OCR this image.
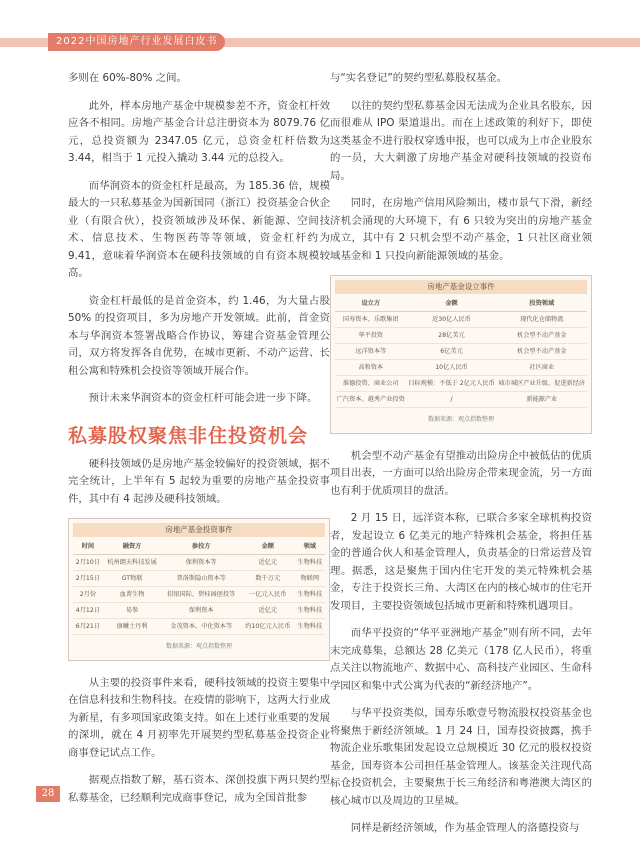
2022中国房地产行业发展白皮书

多则在 60%-80% 之间。

此外，样本房地产基金中规模参差不齐，资金杠杆效应各不相同。房地产基金合计总注册资本为 8079.76 亿元，总投资额为 2347.05 亿元，总资金杠杆倍数为 3.44，相当于 1 元投入撬动 3.44 元的总投入。

而华润资本的资金杠杆是最高，为 185.36 倍，规模最大的一只私募基金为国新国同（浙江）投资基金合伙企业（有限合伙），投资领域涉及环保、新能源、空间技术、信息技术、生物医药等等领域，资金杠杆约为 9.41，意味着华润资本在硬科技领域的自有资本规模较高。

资金杠杆最低的是首金资本，约 1.46，为大量占股 50% 的投资项目，多为房地产开发领域。此前，首金资本与华润资本签署战略合作协议，筹建合资基金管理公司，双方将发挥各自优势，在城市更新、不动产运营、长租公寓和特殊机会投资等领域开展合作。

预计未来华润资本的资金杠杆可能会进一步下降。

私募股权聚焦非住投资机会

硬科技领域仍是房地产基金较偏好的投资领域，据不完全统计，上半年有 5 起较为重要的房地产基金投资事件，其中有 4 起涉及硬科技领域。

房地产基金投资事件
时间	融资方	参投方	金额	领域
2月10日	杭州朗天科技发展	保利资本等	近亿元	生物科技
2月15日	GT物联	普洛斯隐山资本等	数千万元	物联网
2月份	血菁生物	招银国际、碧桂园创投等	一亿元人民币	生物科技
4月12日	易参	保利资本	近亿元	生物科技
6月21日	康曦士丹利	金茂资本、中化资本等	约10亿元人民币	生物科技
数据来源：观点指数整理

从主要的投资事件来看，硬科技领域的投资主要集中在信息科技和生物科技。在疫情的影响下，这两大行业成为新星，有多项国家政策支持。如在上述行业重要的发展的深圳，就在 4 月初率先开展契约型私募基金投资企业商事登记试点工作。

据观点指数了解，基石资本、深创投旗下两只契约型私募基金，已经顺利完成商事登记，成为全国首批参

与“实名登记”的契约型私募股权基金。

以往的契约型私募基金因无法成为企业具名股东，因而很难从 IPO 渠道退出。而在上述政策的利好下，即使这类基金不进行股权穿透申报，也可以成为上市企业股东的一员，大大刺激了房地产基金对硬科技领域的投资布局。

同时，在房地产信用风险频出，楼市景气下滑，新经济机会涌现的大环境下，有 6 只较为突出的房地产基金成立，其中有 2 只机会型不动产基金，1 只社区商业领域基金和 1 只投向新能源领域的基金。

房地产基金设立事件
设立方	金额	投资领域
国寿资本、乐歌集团	近30亿人民币	现代化仓储物流
华平投资	28亿美元	机会型不动产基金
远洋资本等	6亿美元	机会型不动产基金
高和资本	10亿人民币	社区商业
淮德投资、商业公司	目标规模：不低于 2亿元人民币	城市城区产业升级、促进新经济
广汽资本、越秀产业投资	/	新能源产业
数据来源：观点指数整理

机会型不动产基金有望推动出险房企中被低估的优质项目出表，一方面可以给出险房企带来现金流，另一方面也有利于优质项目的盘活。

2 月 15 日，远洋资本称，已联合多家全球机构投资者，发起设立 6 亿美元的地产特殊机会基金，将担任基金的普通合伙人和基金管理人，负责基金的日常运营及管理。据悉，这是聚焦于国内住宅开发的美元特殊机会基金，专注于投资长三角、大湾区在内的核心城市的住宅开发项目，主要投资领域包括城市更新和特殊机遇项目。

而华平投资的“华平亚洲地产基金”则有所不同，去年末完成募集，总额达 28 亿美元（178 亿人民币），将重点关注以物流地产、数据中心、高科技产业园区、生命科学园区和集中式公寓为代表的“新经济地产”。

与华平投资类似，国寿乐歌壹号物流股权投资基金也将聚焦于新经济领域。1 月 24 日，国寿投资披露，携手物流企业乐歌集团发起设立总规模近 30 亿元的股权投资基金，国寿资本公司担任基金管理人。该基金关注现代高标仓投资机会，主要聚焦于长三角经济和粤港澳大湾区的核心城市以及周边的卫星城。

同样是新经济领域，作为基金管理人的洛德投资与

28
